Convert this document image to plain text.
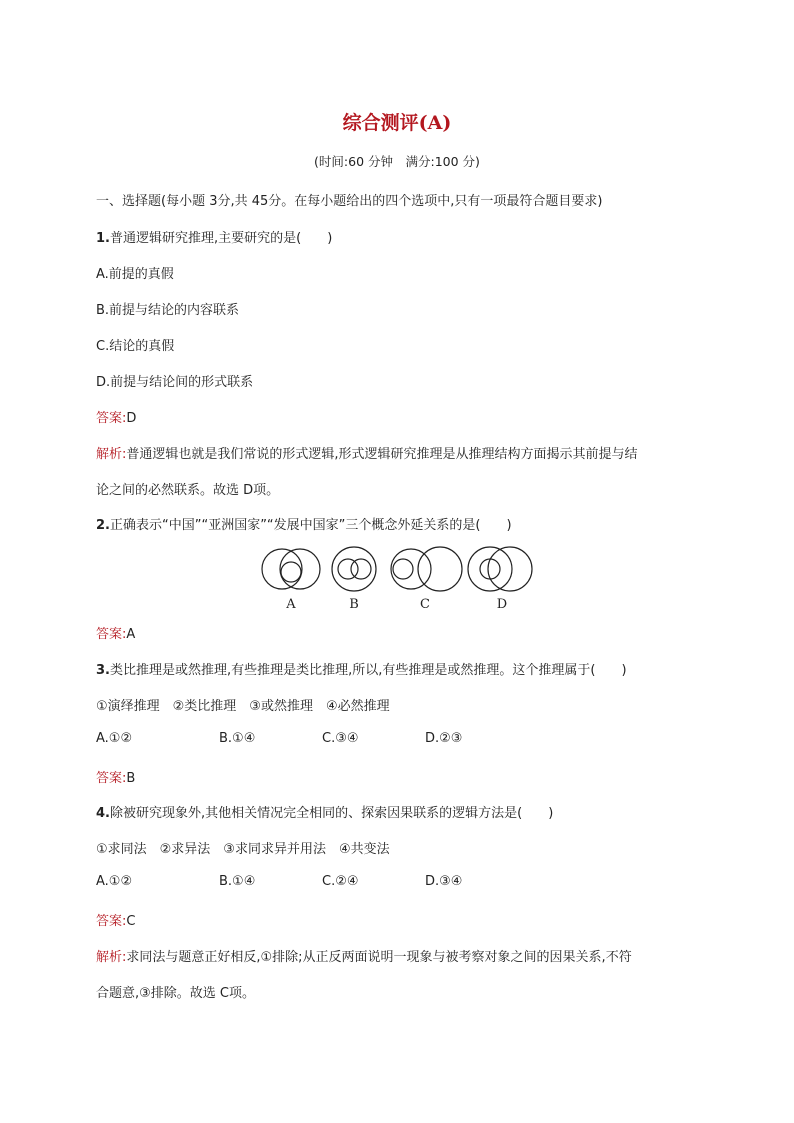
综合测评(A)
(时间:60 分钟　满分:100 分)
一、选择题(每小题 3分,共 45分。在每小题给出的四个选项中,只有一项最符合题目要求)
1.普通逻辑研究推理,主要研究的是(　　)
A.前提的真假
B.前提与结论的内容联系
C.结论的真假
D.前提与结论间的形式联系
答案:D
解析:普通逻辑也就是我们常说的形式逻辑,形式逻辑研究推理是从推理结构方面揭示其前提与结
论之间的必然联系。故选 D项。
2.正确表示“中国”“亚洲国家”“发展中国家”三个概念外延关系的是(　　)
A	B	C	D
答案:A
3.类比推理是或然推理,有些推理是类比推理,所以,有些推理是或然推理。这个推理属于(　　)
①演绎推理　②类比推理　③或然推理　④必然推理
A.①②	B.①④	C.③④	D.②③
答案:B
4.除被研究现象外,其他相关情况完全相同的、探索因果联系的逻辑方法是(　　)
①求同法　②求异法　③求同求异并用法　④共变法
A.①②	B.①④	C.②④	D.③④
答案:C
解析:求同法与题意正好相反,①排除;从正反两面说明一现象与被考察对象之间的因果关系,不符
合题意,③排除。故选 C项。
